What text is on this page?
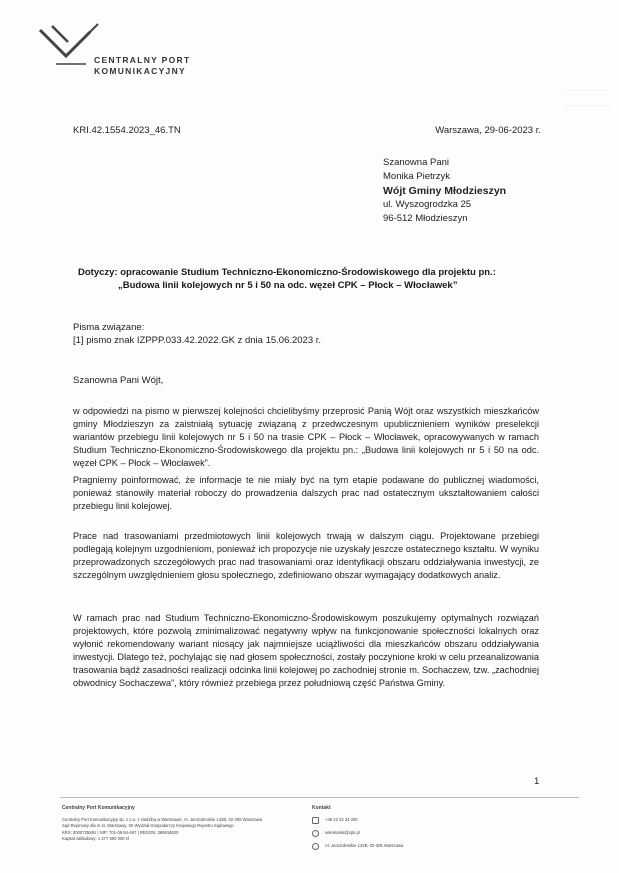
CENTRALNY PORT
KOMUNIKACYJNY
KRI.42.1554.2023_46.TN	Warszawa, 29-06-2023 r.
Szanowna Pani
Monika Pietrzyk
Wójt Gminy Młodzieszyn
ul. Wyszogrodzka 25
96-512 Młodzieszyn
Dotyczy: opracowanie Studium Techniczno-Ekonomiczno-Środowiskowego dla projektu pn.:
„Budowa linii kolejowych nr 5 i 50 na odc. węzeł CPK – Płock – Włocławek”
Pisma związane:
[1] pismo znak IZPPP.033.42.2022.GK z dnia 15.06.2023 r.
Szanowna Pani Wójt,

w odpowiedzi na pismo w pierwszej kolejności chcielibyśmy przeprosić Panią Wójt oraz wszystkich mieszkańców gminy Młodzieszyn za zaistniałą sytuację związaną z przedwczesnym upublicznieniem wyników preselekcji wariantów przebiegu linii kolejowych nr 5 i 50 na trasie CPK – Płock – Włocławek, opracowywanych w ramach Studium Techniczno-Ekonomiczno-Środowiskowego dla projektu pn.: „Budowa linii kolejowych nr 5 i 50 na odc. węzeł CPK – Płock – Włocławek”.

Pragniemy poinformować, że informacje te nie miały być na tym etapie podawane do publicznej wiadomości, ponieważ stanowiły materiał roboczy do prowadzenia dalszych prac nad ostatecznym ukształtowaniem całości przebiegu linii kolejowej.

Prace nad trasowaniami przedmiotowych linii kolejowych trwają w dalszym ciągu. Projektowane przebiegi podlegają kolejnym uzgodnieniom, ponieważ ich propozycje nie uzyskały jeszcze ostatecznego kształtu. W wyniku przeprowadzonych szczegółowych prac nad trasowaniami oraz identyfikacji obszaru oddziaływania inwestycji, ze szczególnym uwzględnieniem głosu społecznego, zdefiniowano obszar wymagający dodatkowych analiz.

W ramach prac nad Studium Techniczno-Ekonomiczno-Środowiskowym poszukujemy optymalnych rozwiązań projektowych, które pozwolą zminimalizować negatywny wpływ na funkcjonowanie społeczności lokalnych oraz wyłonić rekomendowany wariant niosący jak najmniejsze uciążliwości dla mieszkańców obszaru oddziaływania inwestycji. Dlatego też, pochylając się nad głosem społeczności, zostały poczynione kroki w celu przeanalizowania trasowania bądź zasadności realizacji odcinka linii kolejowej po zachodniej stronie m. Sochaczew, tzw. „zachodniej obwodnicy Sochaczewa”, który również przebiega przez południową część Państwa Gminy.

1
Centralny Port Komunikacyjny
Centralny Port Komunikacyjny sp. z o.o. z siedzibą w Warszawie, Al. Jerozolimskie 142B, 02-305 Warszawa
Sąd Rejonowy dla m.st. Warszawy, XII Wydział Gospodarczy Krajowego Rejestru Sądowego
KRS: 0000725891 | NIP: 701-08-54-497 | REGON: 369918620
Kapitał zakładowy: 1 277 500 000 zł
Kontakt
+48 22 24 34 200
sekretariat@cpk.pl
Al. Jerozolimskie 142B, 02-305 Warszawa
